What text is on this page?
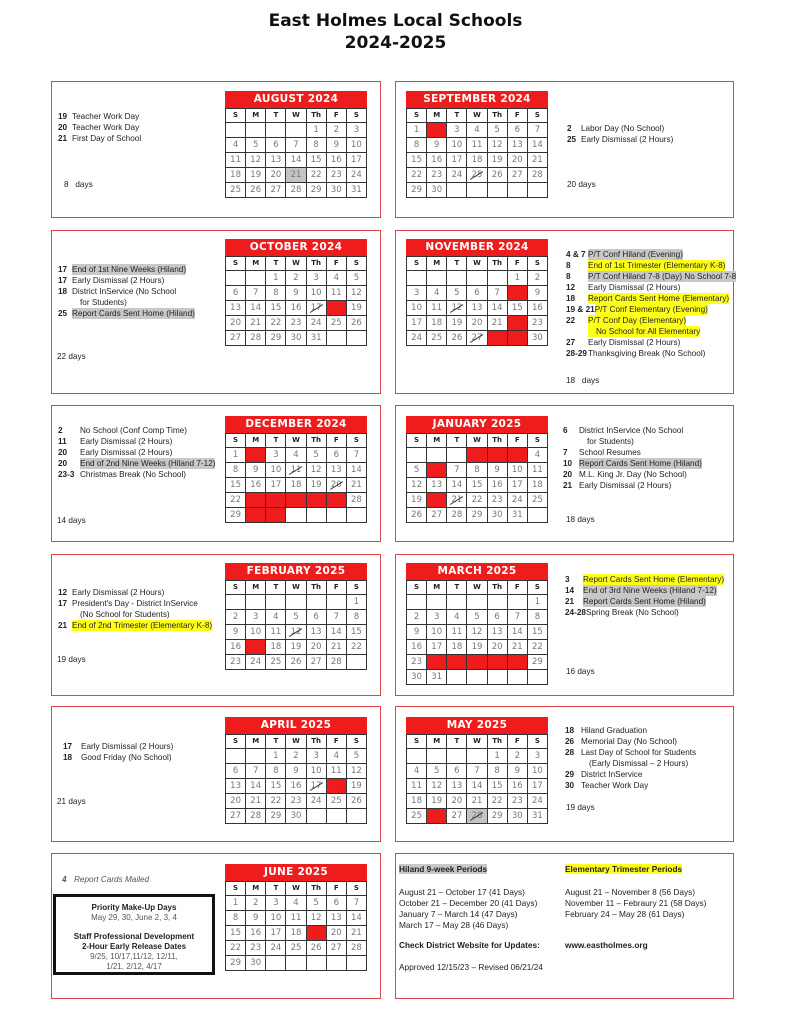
East Holmes Local Schools
2024-2025
AUGUST 2024
S	M	T	W	Th	F	S
				1	2	3
4	5	6	7	8	9	10
11	12	13	14	15	16	17
18	19	20	21	22	23	24
25	26	27	28	29	30	31
SEPTEMBER 2024
S	M	T	W	Th	F	S
1	2	3	4	5	6	7
8	9	10	11	12	13	14
15	16	17	18	19	20	21
22	23	24	25	26	27	28
29	30					
OCTOBER 2024
S	M	T	W	Th	F	S
		1	2	3	4	5
6	7	8	9	10	11	12
13	14	15	16	17	18	19
20	21	22	23	24	25	26
27	28	29	30	31		
NOVEMBER 2024
S	M	T	W	Th	F	S
					1	2
3	4	5	6	7	8	9
10	11	12	13	14	15	16
17	18	19	20	21	22	23
24	25	26	27	28	29	30
DECEMBER 2024
S	M	T	W	Th	F	S
1	2	3	4	5	6	7
8	9	10	11	12	13	14
15	16	17	18	19	20	21
22	23	24	25	26	27	28
29	30	31				
JANUARY 2025
S	M	T	W	Th	F	S
			1	2	3	4
5	6	7	8	9	10	11
12	13	14	15	16	17	18
19	20	21	22	23	24	25
26	27	28	29	30	31	
FEBRUARY 2025
S	M	T	W	Th	F	S
						1
2	3	4	5	6	7	8
9	10	11	12	13	14	15
16	17	18	19	20	21	22
23	24	25	26	27	28	
MARCH 2025
S	M	T	W	Th	F	S
						1
2	3	4	5	6	7	8
9	10	11	12	13	14	15
16	17	18	19	20	21	22
23	24	25	26	27	28	29
30	31					
APRIL 2025
S	M	T	W	Th	F	S
		1	2	3	4	5
6	7	8	9	10	11	12
13	14	15	16	17	18	19
20	21	22	23	24	25	26
27	28	29	30			
MAY 2025
S	M	T	W	Th	F	S
				1	2	3
4	5	6	7	8	9	10
11	12	13	14	15	16	17
18	19	20	21	22	23	24
25	26	27	28	29	30	31
JUNE 2025
S	M	T	W	Th	F	S
1	2	3	4	5	6	7
8	9	10	11	12	13	14
15	16	17	18	19	20	21
22	23	24	25	26	27	28
29	30					
19 Teacher Work Day
20 Teacher Work Day
21 First Day of School
2 Labor Day (No School)
25 Early Dismissal (2 Hours)
17 End of 1st Nine Weeks (Hiland)
17 Early Dismissal (2 Hours)
18 District InService (No School
for Students)
25 Report Cards Sent Home (Hiland)
4 & 7 P/T Conf Hiland (Evening)
8 End of 1st Trimester (Elementary K-8)
8 P/T Conf Hiland 7-8 (Day) No School 7-8
12 Early Dismissal (2 Hours)
18 Report Cards Sent Home (Elementary)
19 & 21P/T Conf Elementary (Evening)
22 P/T Conf Day (Elementary)
No School for All Elementary
27 Early Dismissal (2 Hours)
28-29Thanksgiving Break (No School)
2 No School (Conf Comp Time)
11 Early Dismissal (2 Hours)
20 Early Dismissal (2 Hours)
20 End of 2nd Nine Weeks (Hiland 7-12)
23-3 Christmas Break (No School)
6 District InService (No School
for Students)
7 School Resumes
10 Report Cards Sent Home (Hiland)
20 M.L. King Jr. Day (No School)
21 Early Dismissal (2 Hours)
12 Early Dismissal (2 Hours)
17 President's Day - District InService
(No School for Students)
21 End of 2nd Trimester (Elementary K-8)
3 Report Cards Sent Home (Elementary)
14 End of 3rd Nine Weeks (Hiland 7-12)
21 Report Cards Sent Home (Hiland)
24-28Spring Break (No School)
17 Early Dismissal (2 Hours)
18 Good Friday (No School)
18 Hiland Graduation
26 Memorial Day (No School)
28 Last Day of School for Students
(Early Dismissal – 2 Hours)
29 District InService
30 Teacher Work Day
4 Report Cards Mailed
8   days	20 days
22 days
18   days
14 days	18 days
19 days
16 days
21 days
19 days
Priority Make-Up Days
May 29, 30, June 2, 3, 4
Staff Professional Development
2-Hour Early Release Dates
9/25, 10/17,11/12, 12/11,
1/21, 2/12, 4/17
Hiland 9-week Periods
August 21 – October 17 (41 Days)
October 21 – December 20 (41 Days)
January 7 – March 14 (47 Days)
March 17 – May 28 (46 Days)
Check District Website for Updates:
Approved 12/15/23 – Revised 06/21/24
Elementary Trimester Periods
August 21 – November 8 (56 Days)
November 11 – Febraury 21 (58 Days)
February 24 – May 28 (61 Days)
www.eastholmes.org
